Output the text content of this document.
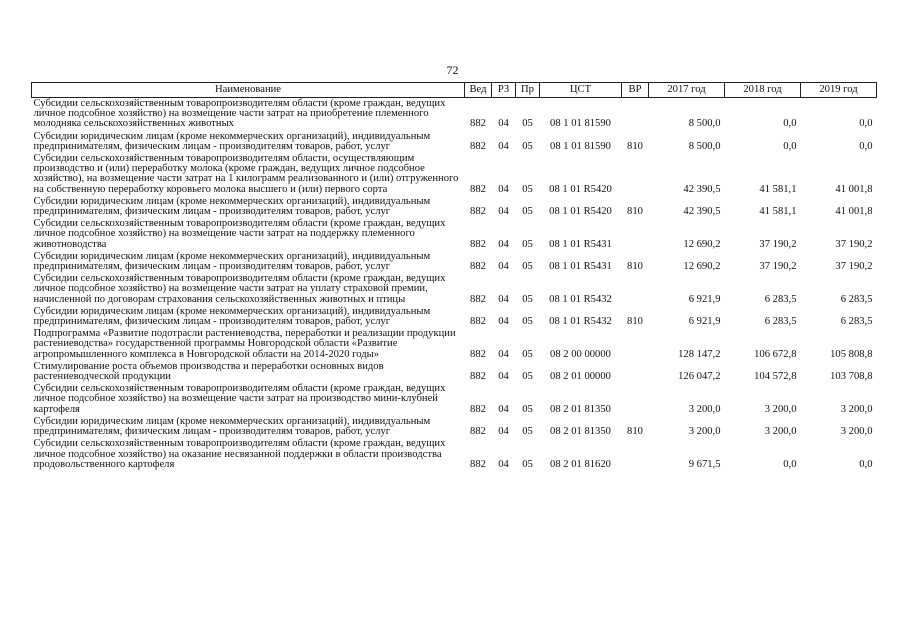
72
Наименование	Вед	РЗ	Пр	ЦСТ	ВР	2017 год	2018 год	2019 год
Субсидии сельскохозяйственным товаропроизводителям области (кроме граждан, ведущих личное подсобное хозяйство) на возмещение части затрат на приобретение племенного молодняка сельскохозяйственных животных	882	04	05	08 1 01 81590		8 500,0	0,0	0,0
Субсидии юридическим лицам (кроме некоммерческих организаций), индивидуальным предпринимателям, физическим лицам - производителям товаров, работ, услуг	882	04	05	08 1 01 81590	810	8 500,0	0,0	0,0
Субсидии сельскохозяйственным товаропроизводителям области, осуществляющим производство и (или) переработку молока (кроме граждан, ведущих личное подсобное хозяйство), на возмещение части затрат на 1 килограмм реализованного и (или) отгруженного на собственную переработку коровьего молока высшего и (или) первого сорта	882	04	05	08 1 01 R5420		42 390,5	41 581,1	41 001,8
Субсидии юридическим лицам (кроме некоммерческих организаций), индивидуальным предпринимателям, физическим лицам - производителям товаров, работ, услуг	882	04	05	08 1 01 R5420	810	42 390,5	41 581,1	41 001,8
Субсидии сельскохозяйственным товаропроизводителям области (кроме граждан, ведущих личное подсобное хозяйство) на возмещение части затрат на поддержку племенного животноводства	882	04	05	08 1 01 R5431		12 690,2	37 190,2	37 190,2
Субсидии юридическим лицам (кроме некоммерческих организаций), индивидуальным предпринимателям, физическим лицам - производителям товаров, работ, услуг	882	04	05	08 1 01 R5431	810	12 690,2	37 190,2	37 190,2
Субсидии сельскохозяйственным товаропроизводителям области (кроме граждан, ведущих личное подсобное хозяйство) на возмещение части затрат на уплату страховой премии, начисленной по договорам страхования сельскохозяйственных животных и птицы	882	04	05	08 1 01 R5432		6 921,9	6 283,5	6 283,5
Субсидии юридическим лицам (кроме некоммерческих организаций), индивидуальным предпринимателям, физическим лицам - производителям товаров, работ, услуг	882	04	05	08 1 01 R5432	810	6 921,9	6 283,5	6 283,5
Подпрограмма «Развитие подотрасли растениеводства, переработки и реализации продукции растениеводства» государственной программы Новгородской области «Развитие агропромышленного комплекса в Новгородской области на 2014-2020 годы»	882	04	05	08 2 00 00000		128 147,2	106 672,8	105 808,8
Стимулирование роста объемов производства и переработки основных видов растениеводческой продукции	882	04	05	08 2 01 00000		126 047,2	104 572,8	103 708,8
Субсидии сельскохозяйственным товаропроизводителям области (кроме граждан, ведущих личное подсобное хозяйство) на возмещение части затрат на производство мини-клубней картофеля	882	04	05	08 2 01 81350		3 200,0	3 200,0	3 200,0
Субсидии юридическим лицам (кроме некоммерческих организаций), индивидуальным предпринимателям, физическим лицам - производителям товаров, работ, услуг	882	04	05	08 2 01 81350	810	3 200,0	3 200,0	3 200,0
Субсидии сельскохозяйственным товаропроизводителям области (кроме граждан, ведущих личное подсобное хозяйство) на оказание несвязанной поддержки в области производства продовольственного картофеля	882	04	05	08 2 01 81620		9 671,5	0,0	0,0
